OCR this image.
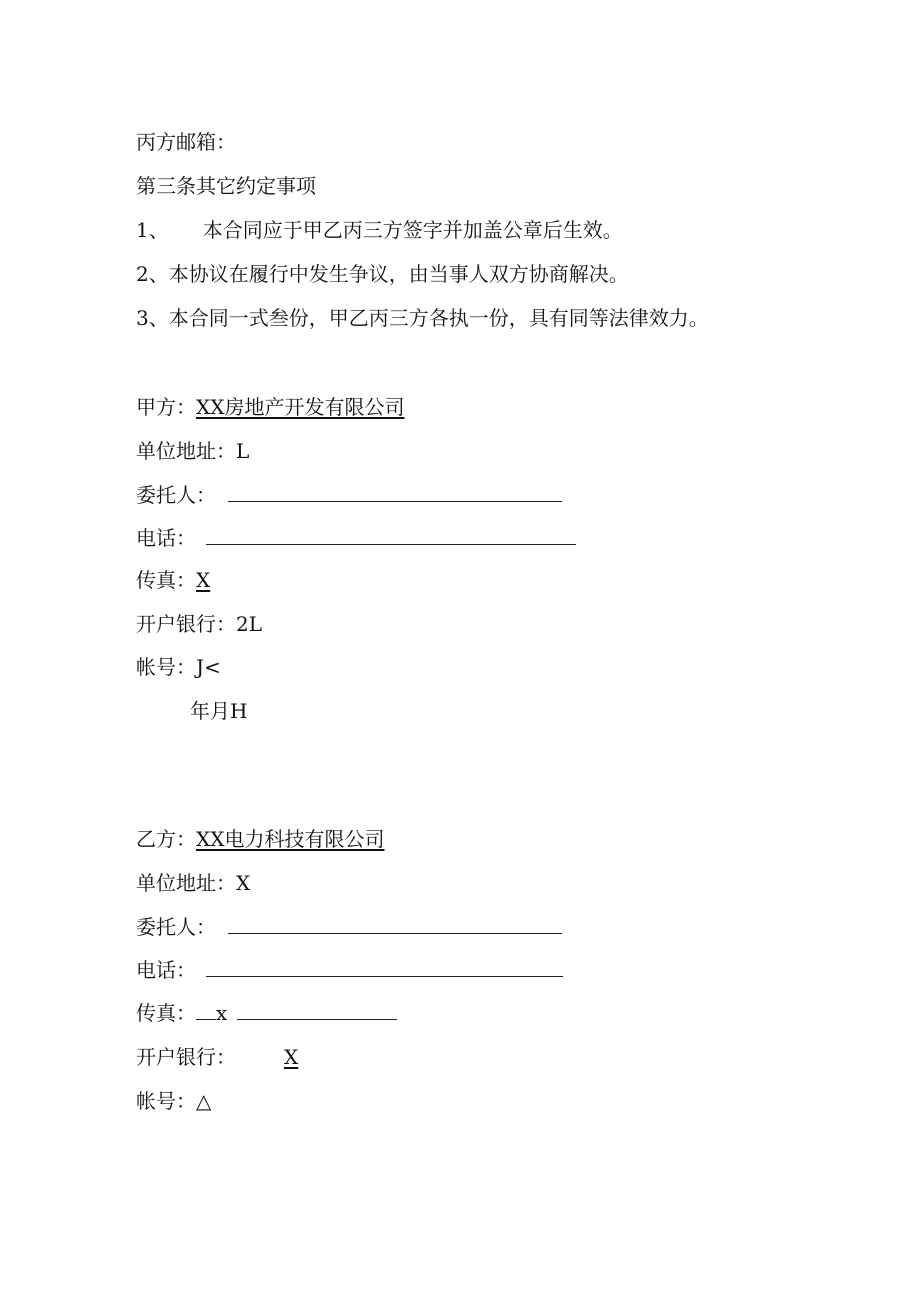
丙方邮箱：
第三条其它约定事项
1、 本合同应于甲乙丙三方签字并加盖公章后生效。
2、本协议在履行中发生争议，由当事人双方协商解决。
3、本合同一式叁份，甲乙丙三方各执一份，具有同等法律效力。
甲方：XX房地产开发有限公司
单位地址：L
委托人：
电话：
传真：X
开户银行：2L
帐号：J<
年月H
乙方：XX电力科技有限公司
单位地址：X
委托人：
电话：
传真： x
开户银行： X
帐号：△
